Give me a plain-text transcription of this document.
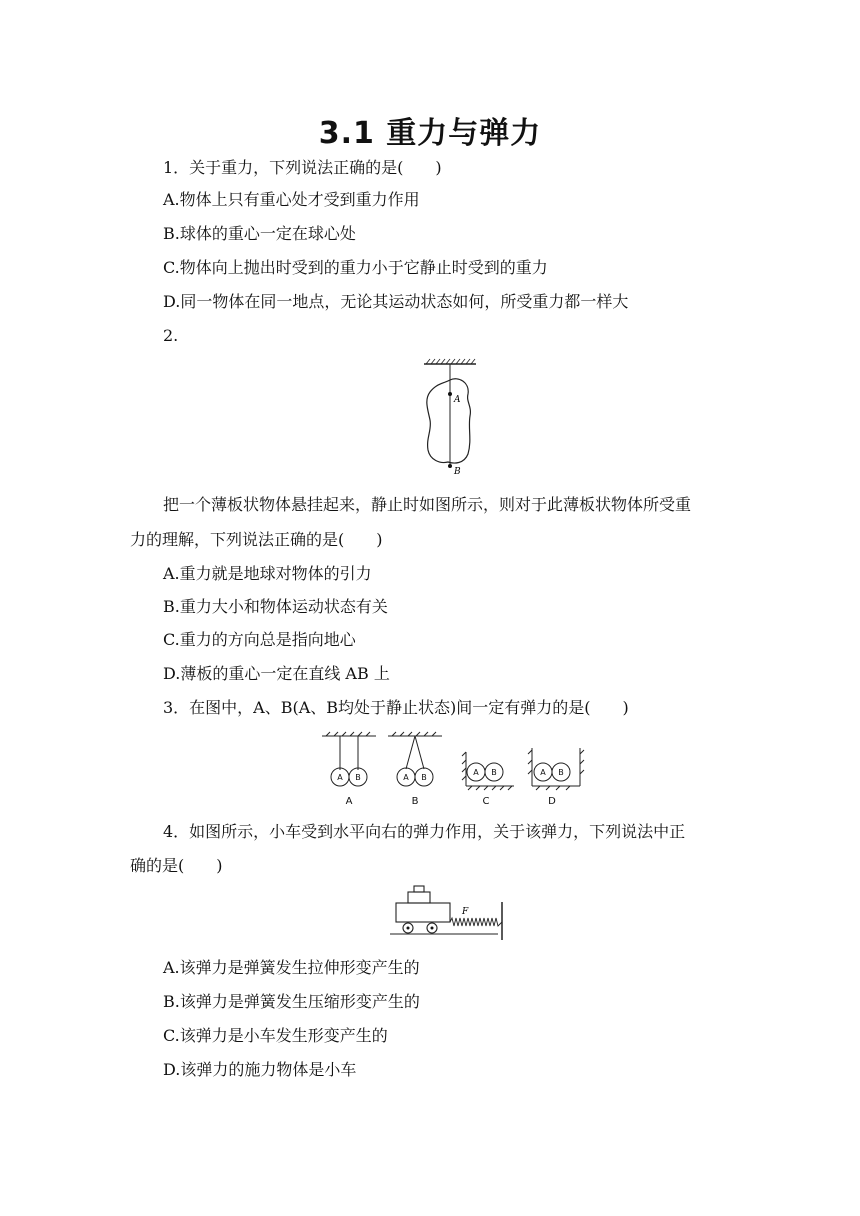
3.1 重力与弹力
1．关于重力，下列说法正确的是(　　)
A.物体上只有重心处才受到重力作用
B.球体的重心一定在球心处
C.物体向上抛出时受到的重力小于它静止时受到的重力
D.同一物体在同一地点，无论其运动状态如何，所受重力都一样大
2.
A
B
把一个薄板状物体悬挂起来，静止时如图所示，则对于此薄板状物体所受重
力的理解，下列说法正确的是(　　)
A.重力就是地球对物体的引力
B.重力大小和物体运动状态有关
C.重力的方向总是指向地心
D.薄板的重心一定在直线 AB 上
3．在图中，A、B(A、B均处于静止状态)间一定有弹力的是(　　)
A B	A B
A B	A B
A	B	C	D
4．如图所示，小车受到水平向右的弹力作用，关于该弹力，下列说法中正
确的是(　　)
F
A.该弹力是弹簧发生拉伸形变产生的
B.该弹力是弹簧发生压缩形变产生的
C.该弹力是小车发生形变产生的
D.该弹力的施力物体是小车
